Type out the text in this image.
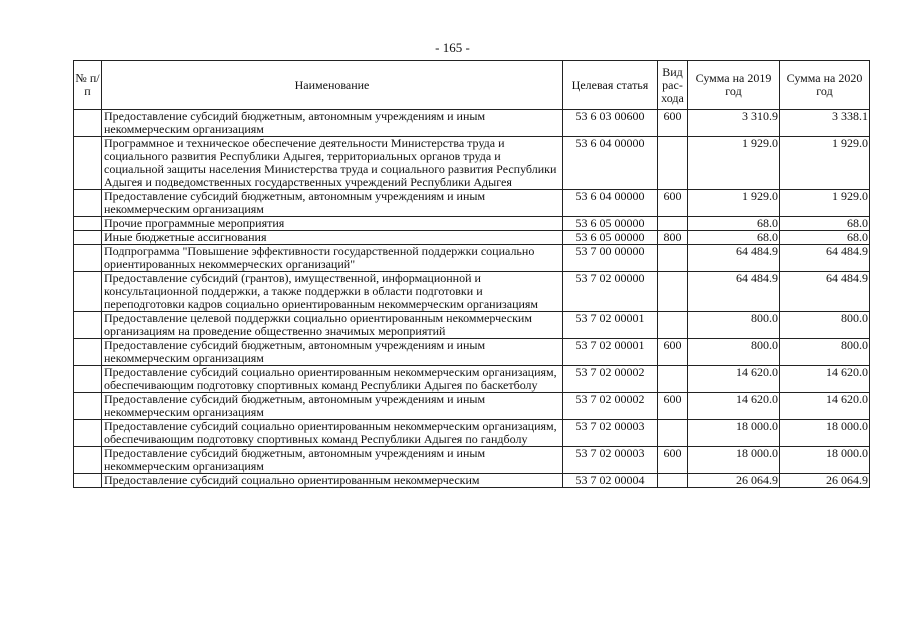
- 165 -
№ п/п	Наименование	Целевая статья	Вид рас-хода	Сумма на 2019 год	Сумма на 2020 год
	Предоставление субсидий бюджетным, автономным учреждениям и иным некоммерческим организациям	53 6 03 00600	600	3 310.9	3 338.1
	Программное и техническое обеспечение деятельности Министерства труда и социального развития Республики Адыгея, территориальных органов труда и социальной защиты населения Министерства труда и социального развития Республики Адыгея и подведомственных государственных учреждений Республики Адыгея	53 6 04 00000		1 929.0	1 929.0
	Предоставление субсидий бюджетным, автономным учреждениям и иным некоммерческим организациям	53 6 04 00000	600	1 929.0	1 929.0
	Прочие программные мероприятия	53 6 05 00000		68.0	68.0
	Иные бюджетные ассигнования	53 6 05 00000	800	68.0	68.0
	Подпрограмма "Повышение эффективности государственной поддержки социально ориентированных некоммерческих организаций"	53 7 00 00000		64 484.9	64 484.9
	Предоставление субсидий (грантов), имущественной, информационной и консультационной поддержки, а также поддержки в области подготовки и переподготовки кадров социально ориентированным некоммерческим организациям	53 7 02 00000		64 484.9	64 484.9
	Предоставление целевой поддержки социально ориентированным некоммерческим организациям на проведение общественно значимых мероприятий	53 7 02 00001		800.0	800.0
	Предоставление субсидий бюджетным, автономным учреждениям и иным некоммерческим организациям	53 7 02 00001	600	800.0	800.0
	Предоставление субсидий социально ориентированным некоммерческим организациям, обеспечивающим подготовку спортивных команд Республики Адыгея по баскетболу	53 7 02 00002		14 620.0	14 620.0
	Предоставление субсидий бюджетным, автономным учреждениям и иным некоммерческим организациям	53 7 02 00002	600	14 620.0	14 620.0
	Предоставление субсидий социально ориентированным некоммерческим организациям, обеспечивающим подготовку спортивных команд Республики Адыгея по гандболу	53 7 02 00003		18 000.0	18 000.0
	Предоставление субсидий бюджетным, автономным учреждениям и иным некоммерческим организациям	53 7 02 00003	600	18 000.0	18 000.0
	Предоставление субсидий социально ориентированным некоммерческим	53 7 02 00004		26 064.9	26 064.9
